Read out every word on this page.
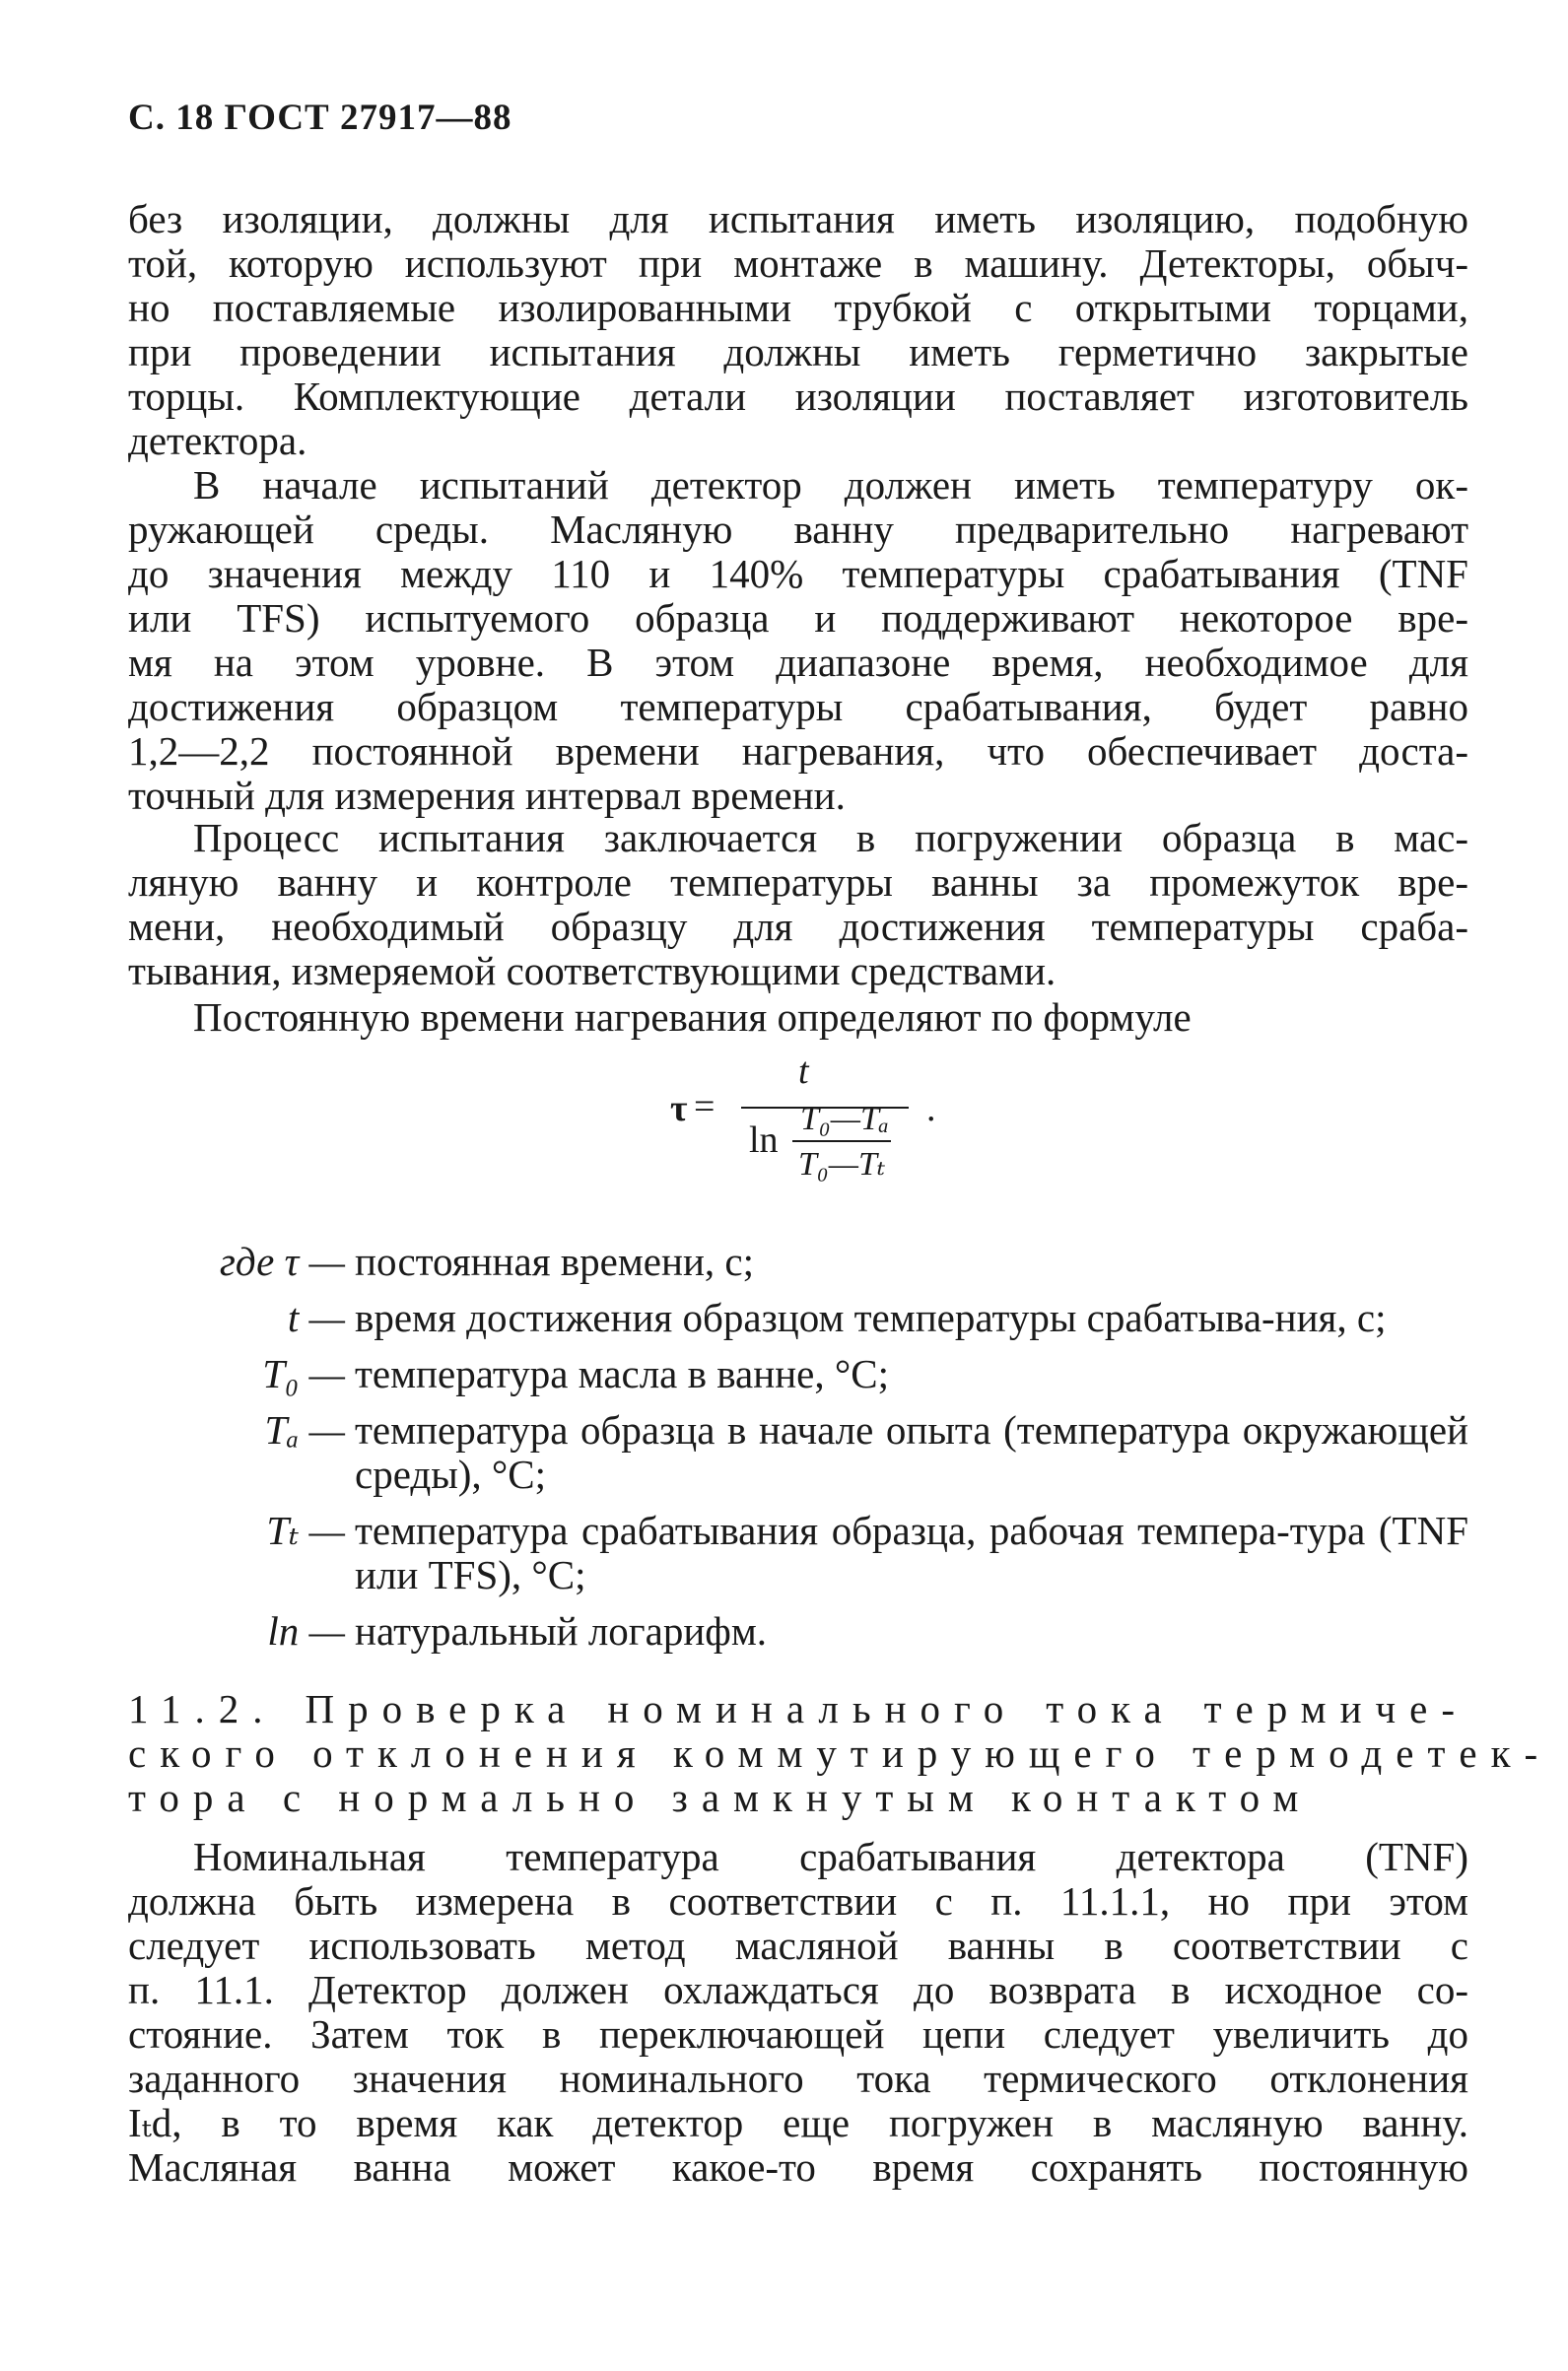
С. 18 ГОСТ 27917—88
без изоляции, должны для испытания иметь изоляцию, подобную
той, которую используют при монтаже в машину. Детекторы, обыч-
но поставляемые изолированными трубкой с открытыми торцами,
при проведении испытания должны иметь герметично закрытые
торцы. Комплектующие детали изоляции поставляет изготовитель
детектора.
В начале испытаний детектор должен иметь температуру ок-
ружающей среды. Масляную ванну предварительно нагревают
до значения между 110 и 140% температуры срабатывания (TNF
или TFS) испытуемого образца и поддерживают некоторое вре-
мя на этом уровне. В этом диапазоне время, необходимое для
достижения образцом температуры срабатывания, будет равно
1,2—2,2 постоянной времени нагревания, что обеспечивает доста-
точный для измерения интервал времени.
Процесс испытания заключается в погружении образца в мас-
ляную ванну и контроле температуры ванны за промежуток вре-
мени, необходимый образцу для достижения температуры сраба-
тывания, измеряемой соответствующими средствами.
Постоянную времени нагревания определяют по формуле
τ =
t
ln
T₀—Tₐ
T₀—Tₜ
.
где τ — постоянная времени, с;
t — время достижения образцом температуры срабатыва-ния, с;
T₀ — температура масла в ванне, °C;
Tₐ — температура образца в начале опыта (температура окружающей среды), °C;
Tₜ — температура срабатывания образца, рабочая темпера-тура (TNF или TFS), °C;
ln — натуральный логарифм.
11.2. Проверка номинального тока термиче-
ского отклонения коммутирующего термодетек-
тора с нормально замкнутым контактом
Номинальная температура срабатывания детектора (TNF)
должна быть измерена в соответствии с п. 11.1.1, но при этом
следует использовать метод масляной ванны в соответствии с
п. 11.1. Детектор должен охлаждаться до возврата в исходное со-
стояние. Затем ток в переключающей цепи следует увеличить до
заданного значения номинального тока термического отклонения
Iₜd, в то время как детектор еще погружен в масляную ванну.
Масляная ванна может какое-то время сохранять постоянную
